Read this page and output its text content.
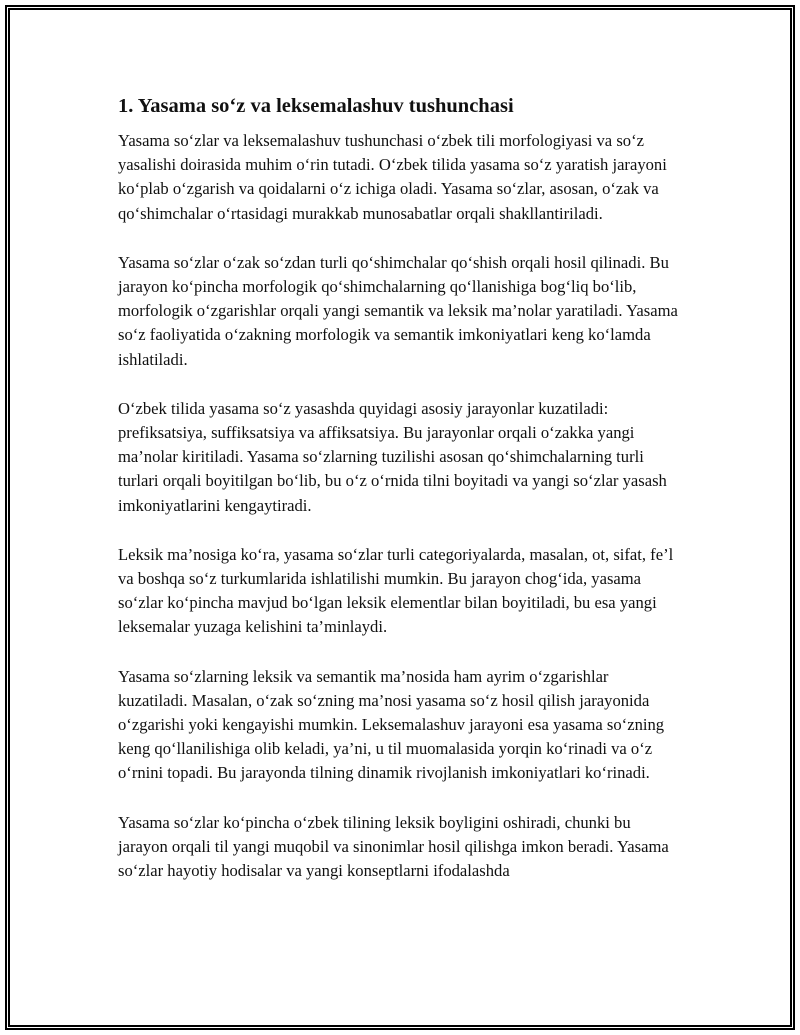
1. Yasama so‘z va leksemalashuv tushunchasi

Yasama so‘zlar va leksemalashuv tushunchasi o‘zbek tili morfologiyasi va so‘z yasalishi doirasida muhim o‘rin tutadi. O‘zbek tilida yasama so‘z yaratish jarayoni ko‘plab o‘zgarish va qoidalarni o‘z ichiga oladi. Yasama so‘zlar, asosan, o‘zak va qo‘shimchalar o‘rtasidagi murakkab munosabatlar orqali shakllantiriladi.

Yasama so‘zlar o‘zak so‘zdan turli qo‘shimchalar qo‘shish orqali hosil qilinadi. Bu jarayon ko‘pincha morfologik qo‘shimchalarning qo‘llanishiga bog‘liq bo‘lib, morfologik o‘zgarishlar orqali yangi semantik va leksik ma’nolar yaratiladi. Yasama so‘z faoliyatida o‘zakning morfologik va semantik imkoniyatlari keng ko‘lamda ishlatiladi.

O‘zbek tilida yasama so‘z yasashda quyidagi asosiy jarayonlar kuzatiladi: prefiksatsiya, suffiksatsiya va affiksatsiya. Bu jarayonlar orqali o‘zakka yangi ma’nolar kiritiladi. Yasama so‘zlarning tuzilishi asosan qo‘shimchalarning turli turlari orqali boyitilgan bo‘lib, bu o‘z o‘rnida tilni boyitadi va yangi so‘zlar yasash imkoniyatlarini kengaytiradi.

Leksik ma’nosiga ko‘ra, yasama so‘zlar turli categoriyalarda, masalan, ot, sifat, fe’l va boshqa so‘z turkumlarida ishlatilishi mumkin. Bu jarayon chog‘ida, yasama so‘zlar ko‘pincha mavjud bo‘lgan leksik elementlar bilan boyitiladi, bu esa yangi leksemalar yuzaga kelishini ta’minlaydi.

Yasama so‘zlarning leksik va semantik ma’nosida ham ayrim o‘zgarishlar kuzatiladi. Masalan, o‘zak so‘zning ma’nosi yasama so‘z hosil qilish jarayonida o‘zgarishi yoki kengayishi mumkin. Leksemalashuv jarayoni esa yasama so‘zning keng qo‘llanilishiga olib keladi, ya’ni, u til muomalasida yorqin ko‘rinadi va o‘z o‘rnini topadi. Bu jarayonda tilning dinamik rivojlanish imkoniyatlari ko‘rinadi.

Yasama so‘zlar ko‘pincha o‘zbek tilining leksik boyligini oshiradi, chunki bu jarayon orqali til yangi muqobil va sinonimlar hosil qilishga imkon beradi. Yasama so‘zlar hayotiy hodisalar va yangi konseptlarni ifodalashda
